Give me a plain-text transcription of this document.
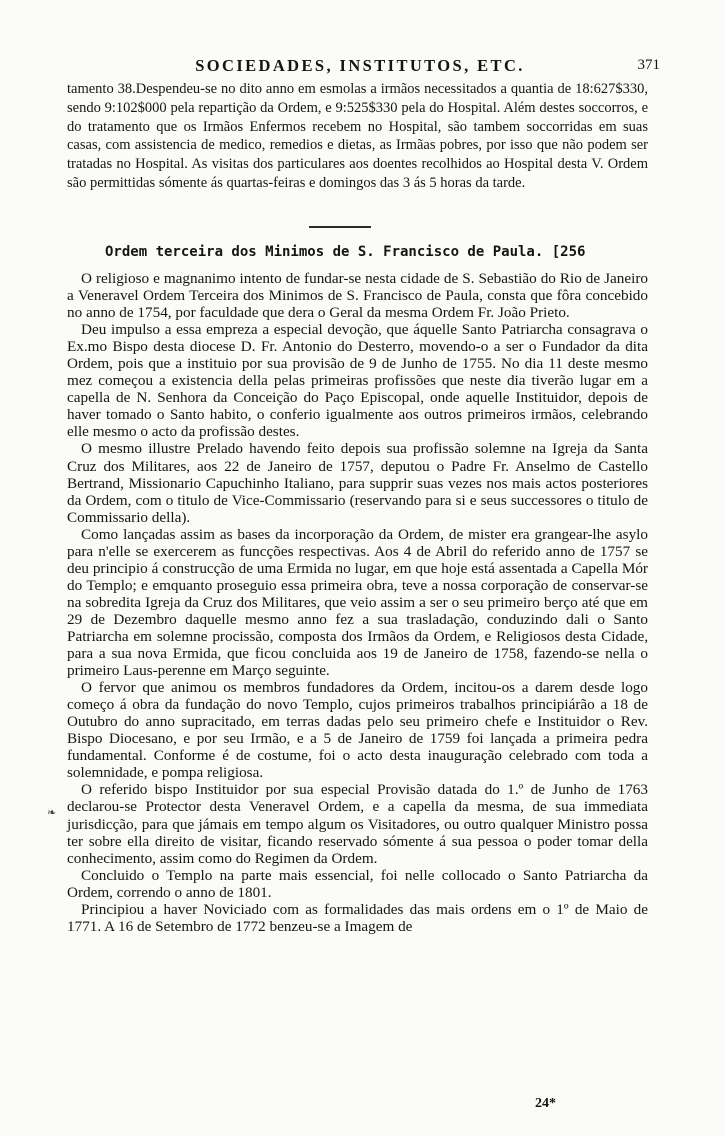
SOCIEDADES, INSTITUTOS, ETC.	371

tamento 38.Despendeu-se no dito anno em esmolas a irmãos necessitados a quantia de 18:627$330, sendo 9:102$000 pela repartição da Ordem, e 9:525$330 pela do Hospital. Além destes soccorros, e do tratamento que os Irmãos Enfermos recebem no Hospital, são tambem soccorridas em suas casas, com assistencia de medico, remedios e dietas, as Irmãas pobres, por isso que não podem ser tratadas no Hospital. As visitas dos particulares aos doentes recolhidos ao Hospital desta V. Ordem são permittidas sómente ás quartas-feiras e domingos das 3 ás 5 horas da tarde.

Ordem terceira dos Minimos de S. Francisco de Paula. [256

O religioso e magnanimo intento de fundar-se nesta cidade de S. Sebastião do Rio de Janeiro a Veneravel Ordem Terceira dos Minimos de S. Francisco de Paula, consta que fôra concebido no anno de 1754, por faculdade que dera o Geral da mesma Ordem Fr. João Prieto.

Deu impulso a essa empreza a especial devoção, que áquelle Santo Patriarcha consagrava o Ex.mo Bispo desta diocese D. Fr. Antonio do Desterro, movendo-o a ser o Fundador da dita Ordem, pois que a instituio por sua provisão de 9 de Junho de 1755. No dia 11 deste mesmo mez começou a existencia della pelas primeiras profissões que neste dia tiverão lugar em a capella de N. Senhora da Conceição do Paço Episcopal, onde aquelle Instituidor, depois de haver tomado o Santo habito, o conferio igualmente aos outros primeiros irmãos, celebrando elle mesmo o acto da profissão destes.

O mesmo illustre Prelado havendo feito depois sua profissão solemne na Igreja da Santa Cruz dos Militares, aos 22 de Janeiro de 1757, deputou o Padre Fr. Anselmo de Castello Bertrand, Missionario Capuchinho Italiano, para supprir suas vezes nos mais actos posteriores da Ordem, com o titulo de Vice-Commissario (reservando para si e seus successores o titulo de Commissario della).

Como lançadas assim as bases da incorporação da Ordem, de mister era grangear-lhe asylo para n'elle se exercerem as funcções respectivas. Aos 4 de Abril do referido anno de 1757 se deu principio á construcção de uma Ermida no lugar, em que hoje está assentada a Capella Mór do Templo; e emquanto proseguio essa primeira obra, teve a nossa corporação de conservar-se na sobredita Igreja da Cruz dos Militares, que veio assim a ser o seu primeiro berço até que em 29 de Dezembro daquelle mesmo anno fez a sua trasladação, conduzindo dali o Santo Patriarcha em solemne procissão, composta dos Irmãos da Ordem, e Religiosos desta Cidade, para a sua nova Ermida, que ficou concluida aos 19 de Janeiro de 1758, fazendo-se nella o primeiro Laus-perenne em Março seguinte.

O fervor que animou os membros fundadores da Ordem, incitou-os a darem desde logo começo á obra da fundação do novo Templo, cujos primeiros trabalhos principiárão a 18 de Outubro do anno supracitado, em terras dadas pelo seu primeiro chefe e Instituidor o Rev. Bispo Diocesano, e por seu Irmão, e a 5 de Janeiro de 1759 foi lançada a primeira pedra fundamental. Conforme é de costume, foi o acto desta inauguração celebrado com toda a solemnidade, e pompa religiosa.

O referido bispo Instituidor por sua especial Provisão datada do 1.º de Junho de 1763 declarou-se Protector desta Veneravel Ordem, e a capella da mesma, de sua immediata jurisdicção, para que jámais em tempo algum os Visitadores, ou outro qualquer Ministro possa ter sobre ella direito de visitar, ficando reservado sómente á sua pessoa o poder tomar della conhecimento, assim como do Regimen da Ordem.

Concluido o Templo na parte mais essencial, foi nelle collocado o Santo Patriarcha da Ordem, correndo o anno de 1801.

Principiou a haver Noviciado com as formalidades das mais ordens em o 1º de Maio de 1771. A 16 de Setembro de 1772 benzeu-se a Imagem de

❧
24*
